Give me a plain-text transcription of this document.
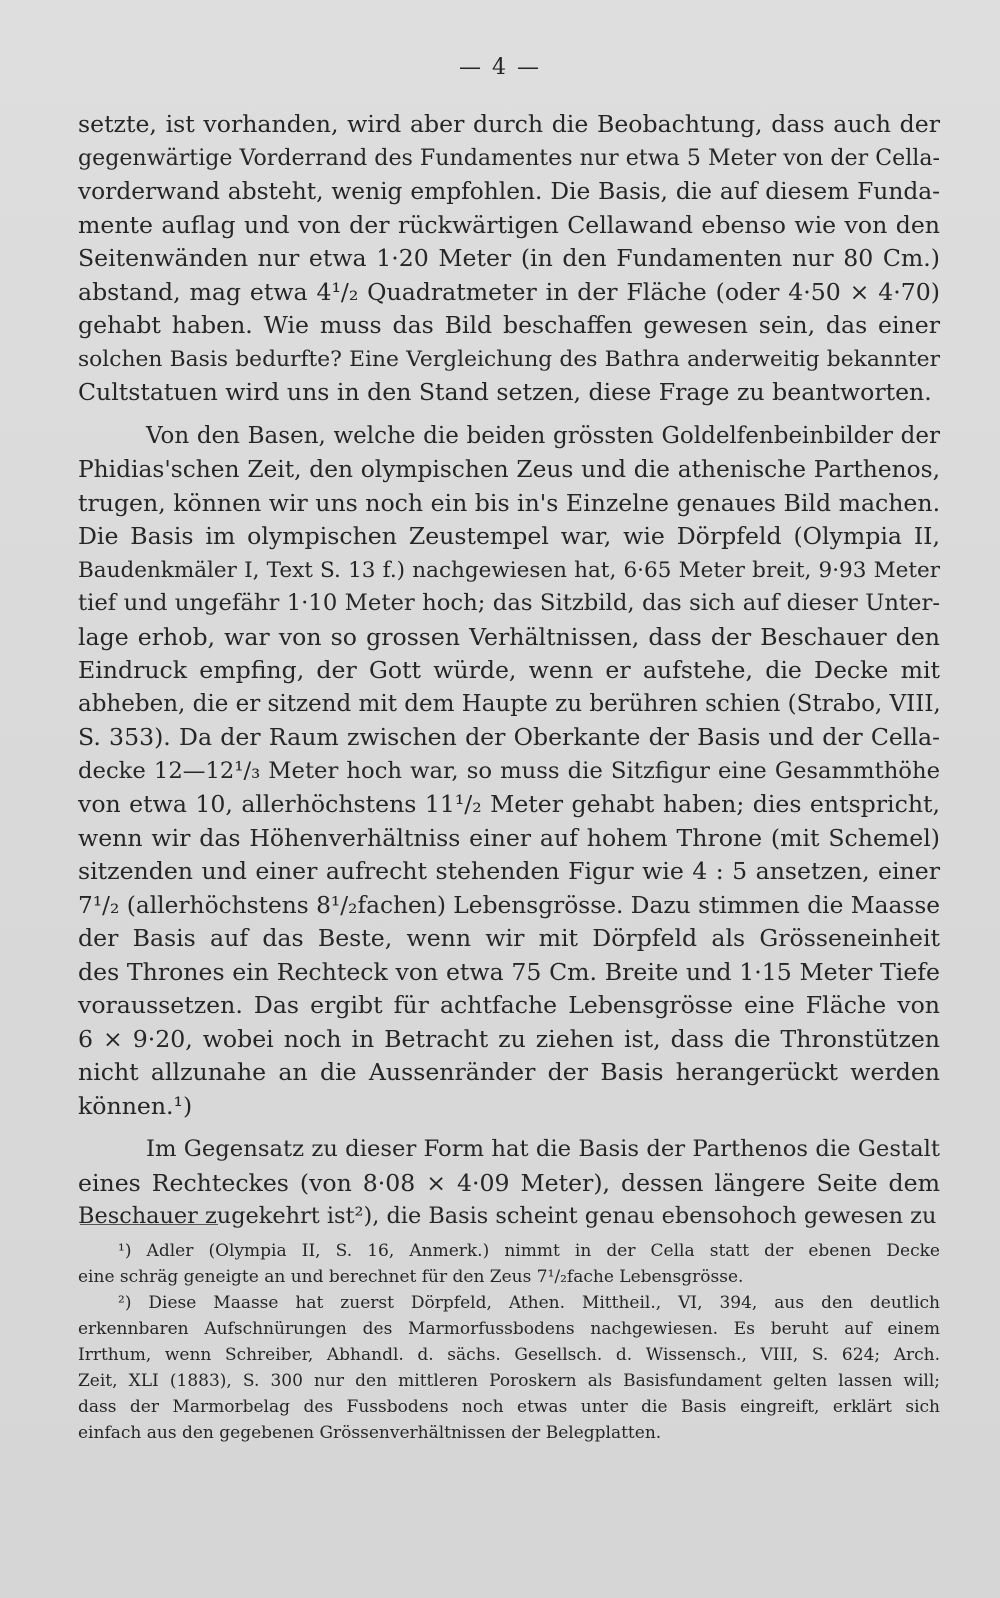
— 4 —
setzte, ist vorhanden, wird aber durch die Beobachtung, dass auch der
gegenwärtige Vorderrand des Fundamentes nur etwa 5 Meter von der Cella-
vorderwand absteht, wenig empfohlen. Die Basis, die auf diesem Funda-
mente auflag und von der rückwärtigen Cellawand ebenso wie von den
Seitenwänden nur etwa 1·20 Meter (in den Fundamenten nur 80 Cm.)
abstand, mag etwa 4¹/₂ Quadratmeter in der Fläche (oder 4·50 × 4·70)
gehabt haben. Wie muss das Bild beschaffen gewesen sein, das einer
solchen Basis bedurfte? Eine Vergleichung des Bathra anderweitig bekannter
Cultstatuen wird uns in den Stand setzen, diese Frage zu beantworten.
Von den Basen, welche die beiden grössten Goldelfenbeinbilder der
Phidias'schen Zeit, den olympischen Zeus und die athenische Parthenos,
trugen, können wir uns noch ein bis in's Einzelne genaues Bild machen.
Die Basis im olympischen Zeustempel war, wie Dörpfeld (Olympia II,
Baudenkmäler I, Text S. 13 f.) nachgewiesen hat, 6·65 Meter breit, 9·93 Meter
tief und ungefähr 1·10 Meter hoch; das Sitzbild, das sich auf dieser Unter-
lage erhob, war von so grossen Verhältnissen, dass der Beschauer den
Eindruck empfing, der Gott würde, wenn er aufstehe, die Decke mit
abheben, die er sitzend mit dem Haupte zu berühren schien (Strabo, VIII,
S. 353). Da der Raum zwischen der Oberkante der Basis und der Cella-
decke 12—12¹/₃ Meter hoch war, so muss die Sitzfigur eine Gesammthöhe
von etwa 10, allerhöchstens 11¹/₂ Meter gehabt haben; dies entspricht,
wenn wir das Höhenverhältniss einer auf hohem Throne (mit Schemel)
sitzenden und einer aufrecht stehenden Figur wie 4 : 5 ansetzen, einer
7¹/₂ (allerhöchstens 8¹/₂fachen) Lebensgrösse. Dazu stimmen die Maasse
der Basis auf das Beste, wenn wir mit Dörpfeld als Grösseneinheit
des Thrones ein Rechteck von etwa 75 Cm. Breite und 1·15 Meter Tiefe
voraussetzen. Das ergibt für achtfache Lebensgrösse eine Fläche von
6 × 9·20, wobei noch in Betracht zu ziehen ist, dass die Thronstützen
nicht allzunahe an die Aussenränder der Basis herangerückt werden
können.¹)
Im Gegensatz zu dieser Form hat die Basis der Parthenos die Gestalt
eines Rechteckes (von 8·08 × 4·09 Meter), dessen längere Seite dem
Beschauer zugekehrt ist²), die Basis scheint genau ebensohoch gewesen zu
¹) Adler (Olympia II, S. 16, Anmerk.) nimmt in der Cella statt der ebenen Decke
eine schräg geneigte an und berechnet für den Zeus 7¹/₂fache Lebensgrösse.
²) Diese Maasse hat zuerst Dörpfeld, Athen. Mittheil., VI, 394, aus den deutlich
erkennbaren Aufschnürungen des Marmorfussbodens nachgewiesen. Es beruht auf einem
Irrthum, wenn Schreiber, Abhandl. d. sächs. Gesellsch. d. Wissensch., VIII, S. 624; Arch.
Zeit, XLI (1883), S. 300 nur den mittleren Poroskern als Basisfundament gelten lassen will;
dass der Marmorbelag des Fussbodens noch etwas unter die Basis eingreift, erklärt sich
einfach aus den gegebenen Grössenverhältnissen der Belegplatten.
